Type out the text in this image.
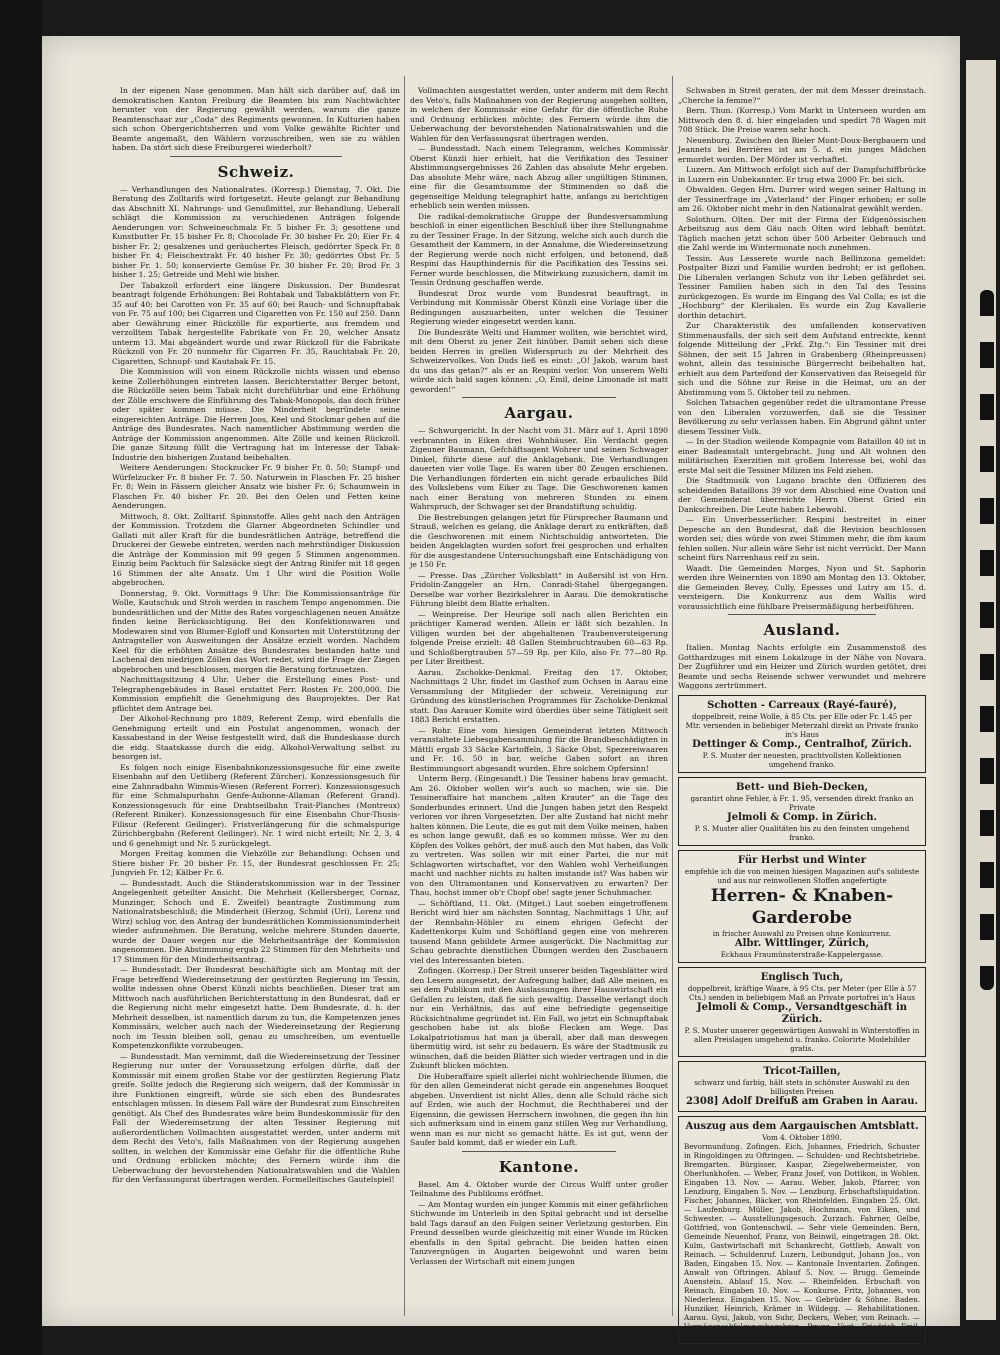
In der eigenen Nase genommen. Man hält sich darüber auf, daß im demokratischen Kanton Freiburg die Beamten bis zum Nachtwächter herunter von der Regierung gewählt werden, warum die ganze Beamtenschaar zur „Coda“ des Regiments gewonnen. In Kulturien haben sich schon Obergerichtsherren und vom Volke gewählte Richter und Beamte angemaßt, den Wählern vorzuschreiben, wen sie zu wählen haben. Da stört sich diese Freiburgerei wiederholt?

Schweiz.

— Verhandlungen des Nationalrates. (Korresp.) Dienstag, 7. Okt. Die Beratung des Zolltarifs wird fortgesetzt. Heute gelangt zur Behandlung das Abschnitt XI. Nahrungs- und Genußmittel, zur Behandlung. Ueberall schlägt die Kommission zu verschiedenen Anträgen folgende Aenderungen vor: Schweineschmalz Fr. 5 bisher Fr. 3; gesottene und Kunstbutter Fr. 15 bisher Fr. 8; Chocolade Fr. 30 bisher Fr. 20; Eier Fr. 4 bisher Fr. 2; gesalzenes und geräuchertes Fleisch, gedörrter Speck Fr. 8 bisher Fr. 4; Fleischextrakt Fr. 40 bisher Fr. 30; gedörrtes Obst Fr. 5 bisher Fr. 1. 50; konservierte Gemüse Fr. 30 bisher Fr. 20; Brod Fr. 3 bisher 1. 25; Getreide und Mehl wie bisher.

Der Tabakzoll erfordert eine längere Diskussion. Der Bundesrat beantragt folgende Erhöhungen: Bei Rohtabak und Tabakblättern von Fr. 35 auf 40; bei Carotten von Fr. 35 auf 60; bei Rauch- und Schnupftabak von Fr. 75 auf 100; bei Cigarren und Cigaretten von Fr. 150 auf 250. Dann aber Gewährung einer Rückzölle für exportierte, aus fremdem und verzolltem Tabak hergestellte Fabrikate von Fr. 20, welcher Ansatz unterm 13. Mai abgeändert wurde und zwar Rückzoll für die Fabrikate Rückzoll von Fr. 20 nunmehr für Cigarren Fr. 35, Rauchtabak Fr. 20, Cigaretten, Schnupf- und Kautabak Fr. 15.

Die Kommission will von einem Rückzolle nichts wissen und ebenso keine Zollerhöhungen eintreten lassen. Berichterstatter Berger betont, die Rückzölle seien beim Tabak nicht durchführbar und eine Erhöhung der Zölle erschwere die Einführung des Tabak-Monopols, das doch früher oder später kommen müsse. Die Minderheit begründete seine eingereichten Anträge. Die Herren Joos, Keel und Stockmar gehen auf die Anträge des Bundesrates. Nach namentlicher Abstimmung werden die Anträge der Kommission angenommen. Alte Zölle und keinen Rückzoll. Die ganze Sitzung füllt die Vertragung hat im Interesse der Tabak-Industrie den bisherigen Zustand beibehalten.

Weitere Aenderungen: Stockzucker Fr. 9 bisher Fr. 8. 50; Stampf- und Würfelzucker Fr. 8 bisher Fr. 7. 50. Naturwein in Flaschen Fr. 25 bisher Fr. 8; Wein in Fässern gleicher Ansatz wie bisher Fr. 6; Schaumwein in Flaschen Fr. 40 bisher Fr. 20. Bei den Oelen und Fetten keine Aenderungen.

Mittwoch, 8. Okt. Zolltarif. Spinnstoffe. Alles geht nach den Anträgen der Kommission. Trotzdem die Glarner Abgeordneten Schindler und Gallati mit aller Kraft für die bundesrätlichen Anträge, betreffend die Druckerei der Gewebe eintreten, werden nach mehrstündiger Diskussion die Anträge der Kommission mit 99 gegen 5 Stimmen angenommen. Einzig beim Packtuch für Salzsäcke siegt der Antrag Rinifer mit 18 gegen 16 Stimmen der alte Ansatz. Um 1 Uhr wird die Position Wolle abgebrochen.

Donnerstag, 9. Okt. Vormittags 9 Uhr: Die Kommissionsanträge für Wolle, Kautschuk und Stroh werden in raschem Tempo angenommen. Die bundesrätlichen und der Mitte des Rates vorgeschlagenen neuen Ansätze finden keine Berücksichtigung. Bei den Konfektionswaren und Modewaren sind von Blumer-Egloff und Konsorten mit Unterstützung der Antragsteller von Ausweitungen der Ansätze erzielt worden. Nachdem Keel für die erhöhten Ansätze des Bundesrates bestanden hatte und Lachenal den niedrigen Zöllen das Wort redet, wird die Frage der Ziegen abgebrochen und beschlossen, morgen die Beratung fortzusetzen.

Nachmittagsitzung 4 Uhr. Ueber die Erstellung eines Post- und Telegraphengebäudes in Basel erstattet Ferr. Rosten Fr. 200,000. Die Kommission empfiehlt die Genehmigung des Bauprojektes. Der Rat pflichtet dem Antrage bei.

Der Alkohol-Rechnung pro 1889, Referent Zemp, wird ebenfalls die Genehmigung erteilt und ein Postulat angenommen, wonach der Kassabestand in der Weise festgestellt wird, daß die Bundeskasse durch die eidg. Staatskasse durch die eidg. Alkohol-Verwaltung selbst zu besorgen ist.

Es folgen noch einige Eisenbahnkonzessionsgesuche für eine zweite Eisenbahn auf den Uetliberg (Referent Zürcher). Konzessionsgesuch für eine Zahnradbahn Wimmis-Wiesen (Referent Forrer). Konzessionsgesuch für eine Schmalspurbahn Genfe-Aubonne-Allaman (Referent Grand). Konzessionsgesuch für eine Drahtseilbahn Trait-Planches (Montreux) (Referent Riniker). Konzessionsgesuch für eine Eisenbahn Chur-Thusis-Filisur (Referent Geilinger). Fristverlängerung für die schmalspurige Zürichbergbahn (Referent Geilinger). Nr. 1 wird nicht erteilt; Nr. 2, 3, 4 und 6 genehmigt und Nr. 5 zurückgelegt.

Morgen Freitag kommen die Viehzölle zur Behandlung: Ochsen und Stiere bisher Fr. 20 bisher Fr. 15, der Bundesrat geschlossen Fr. 25; Jungvieh Fr. 12; Kälber Fr. 6.

— Bundesstadt. Auch die Ständeratskommission war in der Tessiner Angelegenheit geteilter Ansicht. Die Mehrheit (Kellersberger, Cornaz, Munzinger, Schoch und E. Zweifel) beantragte Zustimmung zum Nationalratsbeschluß; die Minderheit (Herzog, Schmid (Uri), Lorenz und Wirz) schlug vor, den Antrag der bundesrätlichen Kommissionsminderheit wieder aufzunehmen. Die Beratung, welche mehrere Stunden dauerte, wurde der Dauer wegen nur die Mehrheitsanträge der Kommission angenommen. Die Abstimmung ergab 22 Stimmen für den Mehrheits- und 17 Stimmen für den Minderheitsantrag.

— Bundesstadt. Der Bundesrat beschäftigte sich am Montag mit der Frage betreffend Wiedereinsetzung der gestürzten Regierung im Tessin, wollte indessen ohne Oberst Künzli nichts beschließen. Dieser trat am Mittwoch nach ausführlichen Berichterstattung in den Bundesrat, daß er die Regierung nicht mehr eingesetzt hatte. Dem Bundesrate, d. h. der Mehrheit desselben, ist namentlich darum zu tun, die Kompetenzen jenes Kommissärs, welcher auch nach der Wiedereinsetzung der Regierung noch im Tessin bleiben soll, genau zu umschreiben, um eventuelle Kompetenzkonflikte vorzubeugen.

— Bundesstadt. Man vernimmt, daß die Wiedereinsetzung der Tessiner Regierung nur unter der Voraussetzung erfolgen dürfte, daß der Kommissär mit einem großen Stabe vor der gestürzten Regierung Platz greife. Sollte jedoch die Regierung sich weigern, daß der Kommissär in ihre Funktionen eingreift, würde sie sich eben des Bundesrates entschlagen müssen. In diesem Fall wäre der Bundesrat zum Einschreiten genötigt. Als Chef des Bundesrates wäre beim Bundeskommissär für den Fall der Wiedereinsetzung der alten Tessiner Regierung mit außerordentlichen Vollmachten ausgestattet werden, unter anderm mit dem Recht des Veto's, falls Maßnahmen von der Regierung ausgehen sollten, in welchen der Kommissär eine Gefahr für die öffentliche Ruhe und Ordnung erblicken möchte; des Fernern würde ihm die Ueberwachung der bevorstehenden Nationalratswahlen und die Wahlen für den Verfassungsrat übertragen werden. Formelleitisches Gautelspiel!

Vollmachten ausgestattet werden, unter anderm mit dem Recht des Veto's, falls Maßnahmen von der Regierung ausgehen sollten, in welchen der Kommissär eine Gefahr für die öffentliche Ruhe und Ordnung erblicken möchte; des Fernern würde ihm die Ueberwachung der bevorstehenden Nationalratswahlen und die Wahlen für den Verfassungsrat übertragen werden.

— Bundesstadt. Nach einem Telegramm, welches Kommissär Oberst Künzli hier erhielt, hat die Verifikation des Tessiner Abstimmungsergebnisses 26 Zahlen das absolute Mehr ergeben. Das absolute Mehr wäre, nach Abzug aller ungültigen Stimmen, eine für die Gesamtsumme der Stimmenden so daß die gegenseitige Meldung telegraphirt hatte, anfangs zu berichtigen erheblich sein werden müssen.

Die radikal-demokratische Gruppe der Bundesversammlung beschloß in einer eigentlichen Beschluß über ihre Stellungnahme zu der Tessiner Frage. In der Sitzung, welche sich auch durch die Gesamtheit der Kammern, in der Annahme, die Wiedereinsetzung der Regierung werde noch nicht erfolgen, und betonend, daß Respini das Haupthindernis für die Pacifikation des Tessins sei. Ferner wurde beschlossen, die Mitwirkung zuzusichern, damit im Tessin Ordnung geschaffen werde.

Bundesrat Droz wurde vom Bundesrat beauftragt, in Verbindung mit Kommissär Oberst Künzli eine Vorlage über die Bedingungen auszuarbeiten, unter welchen die Tessiner Regierung wieder eingesetzt werden kann.

Die Bundesräte Welti und Hammer wollten, wie berichtet wird, mit dem Oberst zu jener Zeit hinüber. Damit sehen sich diese beiden Herren in grellen Widerspruch zu der Mehrheit des Schweizervolkes. Von Duds ließ es einst: „O! Jakob, warum hast du uns das getan?“ als er an Respini verlor. Von unserem Welti würde sich bald sagen können: „O, Emil, deine Limonade ist matt geworden!“

Aargau.

— Schwurgericht. In der Nacht vom 31. März auf 1. April 1890 verbrannten in Eiken drei Wohnhäuser. Ein Verdacht gegen Zigeuner Baumann, Gefchäftsagent Wohrer und seinen Schwager Dinkel, führte diese auf die Anklagebank. Die Verhandlungen dauerten vier volle Tage. Es waren über 80 Zeugen erschienen. Die Verhandlungen förderten ein nicht gerade erbauliches Bild des Volkslebens vom Eiker zu Tage. Die Geschworenen kamen nach einer Beratung von mehreren Stunden zu einem Wahrspruch, der Schwager sei der Brandstiftung schuldig.

Die Bestrebungen gelangen jetzt für Fürsprecher Baumann und Strauß, welchen es gelang, die Anklage derart zu entkräften, daß die Geschworenen mit einem Nichtschuldig antworteten. Die beiden Angeklagten wurden sofort frei gesprochen und erhalten für die ausgestandene Untersuchungshaft eine Entschädigung von je 150 Fr.

— Presse. Das „Zürcher Volksblatt“ in Außersihl ist von Hrn. Fridolin-Zanggeler an Hrn. Conradi-Stahel übergegangen. Derselbe war vorher Bezirkslehrer in Aarau. Die demokratische Führung bleibt dem Blatte erhalten.

— Weinpreise. Der Heurige soll nach allen Berichten ein prächtiger Kamerad werden. Allein er läßt sich bezahlen. In Villigen wurden bei der abgehaltenen Traubenversteigerung folgende Preise erzielt: 48 Gallen Steinbruchtrauben 60—63 Rp. und Schloßbergtrauben 57—59 Rp. per Kilo, also Fr. 77—80 Rp. per Liter Breitbest.

Aarau. Zschokke-Denkmal. Freitag den 17. Oktober, Nachmittags 2 Uhr, findet im Gasthof zum Ochsen in Aarau eine Versammlung der Mitglieder der schweiz. Vereinigung zur Gründung des künstlerischen Programmes für Zschokke-Denkmal statt. Das Aarauer Komite wird überdies über seine Tätigkeit seit 1883 Bericht erstatten.

— Rohr. Eine vom hiesigen Gemeinderat letzten Mittwoch veranstaltete Liebesgabensammlung für die Brandbeschädigten in Mättli ergab 33 Säcke Kartoffeln, 3 Säcke Obst, Spezereiwaaren und Fr. 16. 50 in bar, welche Gaben sofort an ihren Bestimmungsort abgesandt wurden. Ehre solchem Opfersinn!

Unterm Berg. (Eingesandt.) Die Tessiner habens brav gemacht. Am 26. Oktober wollen wir's auch so machen, wie sie. Die Tessineraffaire hat manchem „alten Krauter“ an die Tage des Sonderbundes erinnert. Und die Jungen haben jetzt den Respekt verloren vor ihren Vorgesetzten. Der alte Zustand hat nicht mehr halten können. Die Leute, die es gut mit dem Volke meinen, haben es schon lange gewußt, daß es so kommen müsse. Wer zu den Köpfen des Volkes gehört, der muß auch den Mut haben, das Volk zu vertreten. Was sollen wir mit einer Partei, die nur mit Schlagworten wirtschaftet, vor den Wahlen wohl Verheißungen macht und nachher nichts zu halten imstande ist? Was haben wir von den Ultramontanen und Konservativen zu erwarten? Der Thau, hochst immer ob'r Chopf obe! sagte jener Schuhmacher.

— Schöftland, 11. Okt. (Mitget.) Laut soeben eingetroffenem Bericht wird hier am nächsten Sonntag, Nachmittags 1 Uhr, auf der Rennbahn-Höbler zu einem ehrigen Gefecht der Kadettenkorps Kulm und Schöftland gegen eine von mehreren tausend Mann gebildete Armee ausgerückt. Die Nachmittag zur Schau gebrachte dienstlichen Übungen werden den Zuschauern viel des Interessanten bieten.

Zofingen. (Korresp.) Der Streit unserer beiden Tagesblätter wird den Lesern ausgesetzt, der Aufregung halber, daß Alle meinen, es sei dem Publikum mit den Auslassungen ihrer Hauswirtschaft ein Gefallen zu leisten, daß fie sich gewaltig. Dasselbe verlangt doch nur ein Verhältnis, das auf eine befriedigte gegenseitige Rücksichtnahme gegründet ist. Ein Fall, wo jetzt ein Schnupftabak geschoben habe ist als bloße Flecken am Wege. Das Lokalpatriotismus hat man ja überall, aber daß man deswegen übermütig wird, ist sehr zu bedauern. Es wäre der Stadtmusik zu wünschen, daß die beiden Blätter sich wieder vertragen und in die Zukunft blicken möchten.

Die Huberaffaire spielt allerlei nicht wohlriechende Blumen, die für den allen Gemeinderat nicht gerade ein angenehmes Bouquet abgeben. Unverdient ist nicht Alles, denn alle Schuld räche sich auf Erden, wie auch der Hochmut, die Rechthaberei und der Eigensinn, die gewissen Herrschern inwohnen, die gegen ihn hin sich aufmerksam sind in einem ganz stillen Weg zur Verhandlung, wenn man es nur nicht so gemacht hätte. Es ist gut, wenn der Saufer bald kommt, daß er wieder ein Luft.

Kantone.

Basel. Am 4. Oktober wurde der Circus Wulff unter großer Teilnahme des Publikums eröffnet.

— Am Montag wurden ein junger Kommis mit einer gefährlichen Stichwunde im Unterleib in den Spital gebracht und ist derselbe bald Tags darauf an den Folgen seiner Verletzung gestorben. Ein Freund desselben wurde gleichzeitig mit einer Wunde im Rücken ebenfalls in den Spital gebracht. Die beiden hatten einen Tanzvergnügen in Augarten beigewohnt und waren beim Verlassen der Wirtschaft mit einem jungen

Schwaben in Streit geraten, der mit dem Messer dreinstach. „Cherche la femme?“

Bern. Thun. (Korresp.) Vom Markt in Unterseen wurden am Mittwoch den 8. d. hier eingeladen und spedirt 78 Wagen mit 708 Stück. Die Preise waren sehr hoch.

Neuenburg. Zwischen den Bieler Mont-Doux-Bergbauern und Jeannets bei Berrières ist am 5. d. ein junges Mädchen ermordet worden. Der Mörder ist verhaftet.

Luzern. Am Mittwoch erfolgt sich auf der Dampfschiffbrücke in Luzern ein Unbekannter. Er trug etwa 2000 Fr. bei sich.

Obwalden. Gegen Hrn. Durrer wird wegen seiner Haltung in der Tessinerfrage im „Vaterland“ der Finger erhoben; er solle am 26. Oktober nicht mehr in den Nationalrat gewählt werden.

Solothurn. Olten. Der mit der Firma der Eidgenössischen Arbeitszug aus dem Gäu nach Olten wird lebhaft benützt. Täglich machen jetzt schon über 500 Arbeiter Gebrauch und die Zahl werde im Wintermonate noch zunehmen.

Tessin. Aus Lesserete wurde nach Bellinzona gemeldet: Postpalter Bizzi und Familie wurden bedroht; er ist geflohen. Die Liberalen verlangen Schutz von ihr Leben gefährdet sei. Tessiner Familien haben sich in den Tal des Tessins zurückgezogen. Es wurde im Eingang des Val Colla; es ist die „Hochburg“ der Klerikalen. Es wurde ein Zug Kavallerie dorthin detachirt.

Zur Charakteristik des umfallenden konservativen Stimmenausfalls, der sich seit dem Aufstand entreckte, kennt folgende Mitteilung der „Frkf. Ztg.“: Ein Tessiner mit drei Söhnen, der seit 15 Jahren in Grabenberg (Rheinpreussen) wohnt, allein das tessinische Bürgerrecht beibehalten hat, erhielt aus dem Parteifond der Konservativen das Reisegeld für sich und die Söhne zur Reise in die Heimat, um an der Abstimmung vom 5. Oktober teil zu nehmen.

Solchen Tatsachen gegenüber redet die ultramontane Presse von den Liberalen vorzuwerfen, daß sie die Tessiner Bevölkerung zu sehr verlassen haben. Ein Abgrund gähnt unter diesem Tessiner Volk.

— In der Stadion weilende Kompagnie vom Bataillon 40 ist in einer Badeanstalt untergebracht. Jung und Alt wohnen den militärischen Exerzitien mit großem Interesse bei, wohl das erste Mal seit die Tessiner Milizen ins Feld ziehen.

Die Stadtmusik von Lugano brachte den Offizieren des scheidenden Bataillons 39 vor dem Abschied eine Ovation und der Gemeinderat überreichte Herrn Oberst Gried ein Dankschreiben. Die Leute haben Lebewohl.

— Ein Unverbesserlicher. Respini bestreitet in einer Depesche an den Bundesrat, daß die Revision beschlossen worden sei; dies würde von zwei Stimmen mehr, die ihm kaum fehlen sollen. Nur allein wäre Sehr ist nicht verrückt. Der Mann scheint fürs Narrenhaus reif zu sein.

Waadt. Die Gemeinden Morges, Nyon und St. Saphorin werden ihre Weinernten von 1890 am Montag den 13. Oktober, die Gemeinden Bevey, Cully, Epesses und Lutry am 15. d. versteigern. Die Konkurrenz aus dem Wallis wird voraussichtlich eine fühlbare Preisermäßigung herbeiführen.

Ausland.

Italien. Montag Nachts erfolgte ein Zusammenstoß des Gotthardzuges mit einem Lokalzuge in der Nähe von Novara. Der Zugführer und ein Heizer und Zürich wurden getötet, drei Beamte und sechs Reisende schwer verwundet und mehrere Waggons zertrümmert.

Schotten - Carreaux (Rayé-fauré),
doppelbreit, reine Wolle, à 85 Cts. per Elle oder Fr. 1.45 per Mtr. versenden in beliebiger Meterzahl direkt an Private franko in's Haus
Dettinger & Comp., Centralhof, Zürich.
P. S. Muster der neuesten, prachtvollsten Kollektionen umgehend franko.
Bett- und Bieh-Decken,
garantirt ohne Fehler, à Fr. 1. 95, versenden direkt franko an Private
Jelmoli & Comp. in Zürich.
P. S. Muster aller Qualitäten bis zu den feinsten umgehend franko.
Für Herbst und Winter
empfehle ich die von meinen hiesigen Magazinen auf's solideste und aus nur reinwollenen Stoffen angefertigte
Herren- & Knaben-Garderobe
in frischer Auswahl zu Preisen ohne Konkurrenz.
Albr. Wittlinger, Zürich,
Eckhaus Fraumünsterstraße-Kappelergasse.
Englisch Tuch,
doppelbreit, kräftige Waare, à 95 Cts. per Meter (per Elle à 57 Cts.) senden in beliebigem Maß an Private portofrei in's Haus
Jelmoli & Comp., Versandtgeschäft in Zürich.
P. S. Muster unserer gegenwärtigen Auswahl in Winterstoffen in allen Preislagen umgehend u. franko. Colorirte Modebilder gratis.
Tricot-Taillen,
schwarz und farbig, hält stets in schönster Auswahl zu den billigsten Preisen
2308] Adolf Dreifuß am Graben in Aarau.
Auszug aus dem Aargauischen Amtsblatt.
Vom 4. Oktober 1890.
Bevormundung. Zofingen. Eich, Johannes, Friedrich, Schuster in Ringoldingen zu Oftringen. — Schulden- und Rechtsbetriebe. Bremgarten. Bürgisser, Kaspar, Ziegelwebermeister, von Oberlunkhofen. — Weber, Franz Josef, von Dottikon, in Wohlen. Eingaben 13. Nov. — Aarau. Weber, Jakob, Pfarrer, von Lenzburg, Eingaben 5. Nov. — Lenzburg. Erbschaftsliquidation. Fischer, Johannes, Bäcker, von Rheinfelden. Eingaben 25. Okt. — Laufenburg. Müller, Jakob, Hochmann, von Eiken, und Schwester. — Ausstellungsgesuch. Zurzach. Fahrner, Gelbe, Gottfried, von Gontenschwil. — Sehr viele Gemeinden. Bern, Gemeinde Neuenhof, Franz, von Beinwil, eingetragen 28. Okt. Kulm, Gastwirtschaft mit Schankrecht, Gottlieb, Anwalt von Reinach. — Schuldenruf. Luzern, Leibundgut, Johann Jos., von Baden, Eingaben 15. Nov. — Kantonale Inventarien. Zofingen. Anwalt von Oftringen. Ablauf 5. Nov. — Brugg. Gemeinde Auenstein. Ablauf 15. Nov. — Rheinfelden. Erbschaft von Reinach. Eingaben 10. Nov. — Konkurse. Fritz, Johannes, von Niederlenz. Eingaben 15. Nov. — Gebrüder & Söhne. Baden. Hunziker, Heinrich, Krämer in Wildegg. — Rehabilitationen. Aarau. Gysi, Jakob, von Suhr, Deckers, Weber, von Reinach. — Vermögensabfolgungsbegehren. Brugg. Vogt, Friedrich Emil, von Mandach, in Amerika. Einsprache 5. November.
